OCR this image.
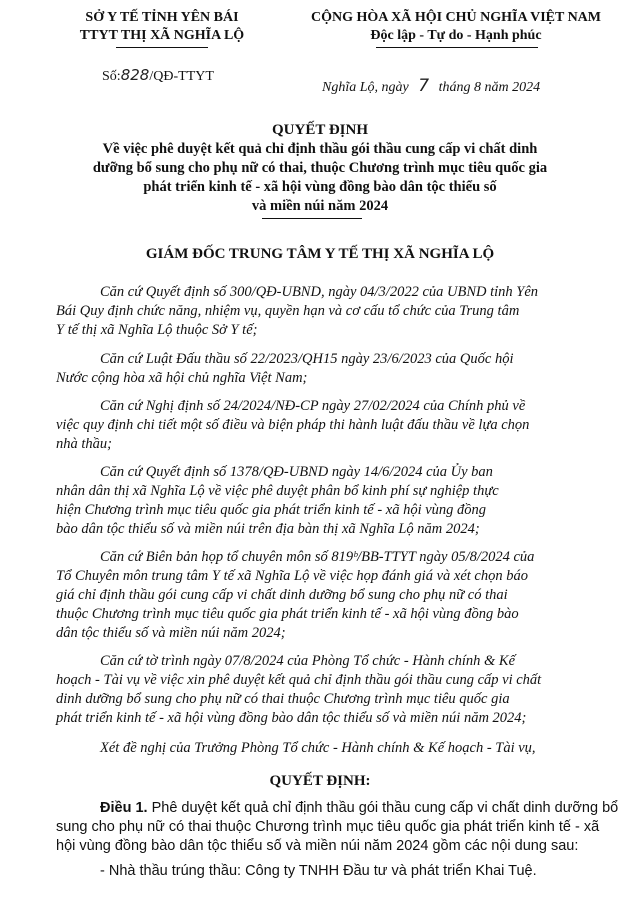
SỞ Y TẾ TỈNH YÊN BÁI
TTYT THỊ XÃ NGHĨA LỘ
Số:828/QĐ-TTYT
CỘNG HÒA XÃ HỘI CHỦ NGHĨA VIỆT NAM
Độc lập - Tự do - Hạnh phúc
Nghĩa Lộ, ngày 7 tháng 8 năm 2024
QUYẾT ĐỊNH
Về việc phê duyệt kết quả chỉ định thầu gói thầu cung cấp vi chất dinh
dưỡng bổ sung cho phụ nữ có thai, thuộc Chương trình mục tiêu quốc gia
phát triển kinh tế - xã hội vùng đồng bào dân tộc thiểu số
và miền núi năm 2024
GIÁM ĐỐC TRUNG TÂM Y TẾ THỊ XÃ NGHĨA LỘ
Căn cứ Quyết định số 300/QĐ-UBND, ngày 04/3/2022 của UBND tỉnh Yên
Bái Quy định chức năng, nhiệm vụ, quyền hạn và cơ cấu tổ chức của Trung tâm
Y tế thị xã Nghĩa Lộ thuộc Sở Y tế;
Căn cứ Luật Đấu thầu số 22/2023/QH15 ngày 23/6/2023 của Quốc hội
Nước cộng hòa xã hội chủ nghĩa Việt Nam;
Căn cứ Nghị định số 24/2024/NĐ-CP ngày 27/02/2024 của Chính phủ về
việc quy định chi tiết một số điều và biện pháp thi hành luật đấu thầu về lựa chọn
nhà thầu;
Căn cứ Quyết định số 1378/QĐ-UBND ngày 14/6/2024 của Ủy ban
nhân dân thị xã Nghĩa Lộ về việc phê duyệt phân bổ kinh phí sự nghiệp thực
hiện Chương trình mục tiêu quốc gia phát triển kinh tế - xã hội vùng đồng
bào dân tộc thiểu số và miền núi trên địa bàn thị xã Nghĩa Lộ năm 2024;
Căn cứ Biên bản họp tổ chuyên môn số 819ᵇ/BB-TTYT ngày 05/8/2024 của
Tổ Chuyên môn trung tâm Y tế xã Nghĩa Lộ về việc họp đánh giá và xét chọn báo
giá chỉ định thầu gói cung cấp vi chất dinh dưỡng bổ sung cho phụ nữ có thai
thuộc Chương trình mục tiêu quốc gia phát triển kinh tế - xã hội vùng đồng bào
dân tộc thiểu số và miền núi năm 2024;
Căn cứ tờ trình ngày 07/8/2024 của Phòng Tổ chức - Hành chính & Kế
hoạch - Tài vụ về việc xin phê duyệt kết quả chỉ định thầu gói thầu cung cấp vi chất
dinh dưỡng bổ sung cho phụ nữ có thai thuộc Chương trình mục tiêu quốc gia
phát triển kinh tế - xã hội vùng đồng bào dân tộc thiểu số và miền núi năm 2024;
Xét đề nghị của Trưởng Phòng Tổ chức - Hành chính & Kế hoạch - Tài vụ,
QUYẾT ĐỊNH:
Điều 1. Phê duyệt kết quả chỉ định thầu gói thầu cung cấp vi chất dinh dưỡng bổ
sung cho phụ nữ có thai thuộc Chương trình mục tiêu quốc gia phát triển kinh tế - xã
hội vùng đồng bào dân tộc thiểu số và miền núi năm 2024 gồm các nội dung sau:
- Nhà thầu trúng thầu: Công ty TNHH Đầu tư và phát triển Khai Tuệ.
